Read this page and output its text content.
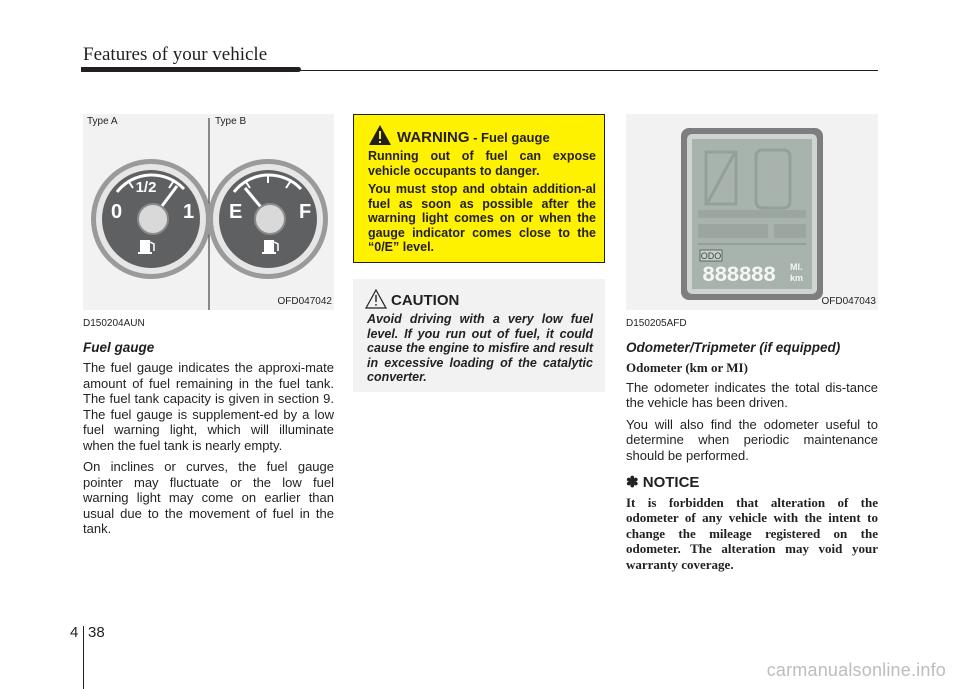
Features of your vehicle
1/2
0	1 E	F
Type A	Type B
OFD047042
D150204AUN
Fuel gauge

The fuel gauge indicates the approxi-mate amount of fuel remaining in the fuel tank. The fuel tank capacity is given in section 9. The fuel gauge is supplement-ed by a low fuel warning light, which will illuminate when the fuel tank is nearly empty.

On inclines or curves, the fuel gauge pointer may fluctuate or the low fuel warning light may come on earlier than usual due to the movement of fuel in the tank.

WARNING - Fuel gauge

Running out of fuel can expose vehicle occupants to danger.

You must stop and obtain addition-al fuel as soon as possible after the warning light comes on or when the gauge indicator comes close to the “0/E” level.

CAUTION
Avoid driving with a very low fuel level. If you run out of fuel, it could cause the engine to misfire and result in excessive loading of the catalytic converter.
ODO
888888 MI.
km
OFD047043
D150205AFD
Odometer/Tripmeter (if equipped)
Odometer (km or MI)

The odometer indicates the total dis-tance the vehicle has been driven.

You will also find the odometer useful to determine when periodic maintenance should be performed.

✽ NOTICE
It is forbidden that alteration of the odometer of any vehicle with the intent to change the mileage registered on the odometer. The alteration may void your warranty coverage.
4 38
carmanualsonline.info
